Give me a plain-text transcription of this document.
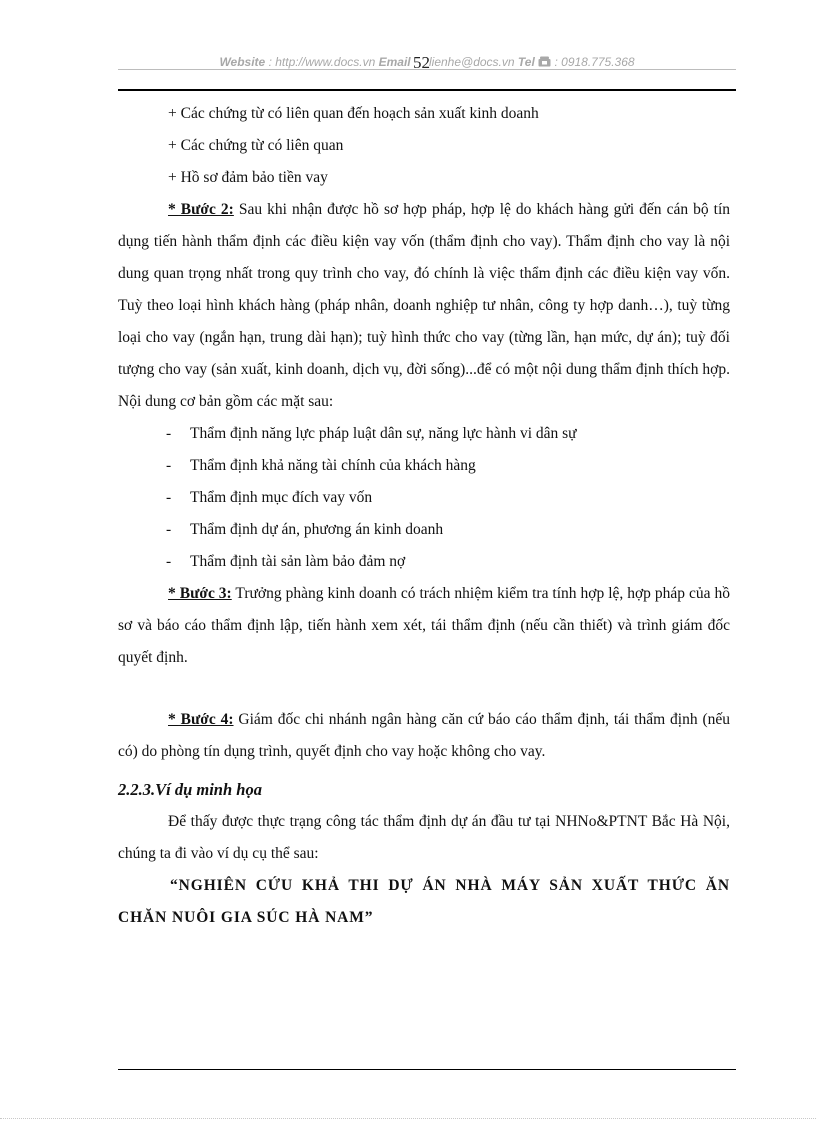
Website : http://www.docs.vn Email 52lienhe@docs.vn Tel  : 0918.775.368

+ Các chứng từ có liên quan đến hoạch sản xuất kinh doanh

+ Các chứng từ có liên quan

+ Hồ sơ đảm bảo tiền vay

* Bước 2: Sau khi nhận được hồ sơ hợp pháp, hợp lệ do khách hàng gửi đến cán bộ tín dụng tiến hành thẩm định các điều kiện vay vốn (thẩm định cho vay). Thẩm định cho vay là nội dung quan trọng nhất trong quy trình cho vay, đó chính là việc thẩm định các điều kiện vay vốn. Tuỳ theo loại hình khách hàng (pháp nhân, doanh nghiệp tư nhân, công ty hợp danh…), tuỳ từng loại cho vay (ngắn hạn, trung dài hạn); tuỳ hình thức cho vay (từng lần, hạn mức, dự án); tuỳ đối tượng cho vay (sản xuất, kinh doanh, dịch vụ, đời sống)...để có một nội dung thẩm định thích hợp. Nội dung cơ bản gồm các mặt sau:

-	Thẩm định năng lực pháp luật dân sự, năng lực hành vi dân sự
-	Thẩm định khả năng tài chính của khách hàng
-	Thẩm định mục đích vay vốn
-	Thẩm định dự án, phương án kinh doanh
-	Thẩm định tài sản làm bảo đảm nợ

* Bước 3: Trưởng phàng kinh doanh có trách nhiệm kiểm tra tính hợp lệ, hợp pháp của hồ sơ và báo cáo thẩm định lập, tiến hành xem xét, tái thẩm định (nếu cần thiết) và trình giám đốc quyết định.

* Bước 4: Giám đốc chi nhánh ngân hàng căn cứ báo cáo thẩm định, tái thẩm định (nếu có) do phòng tín dụng trình, quyết định cho vay hoặc không cho vay.

2.2.3.Ví dụ minh họa

Để thấy được thực trạng công tác thẩm định dự án đầu tư tại NHNo&PTNT Bắc Hà Nội, chúng ta đi vào ví dụ cụ thể sau:

“NGHIÊN CỨU KHẢ THI DỰ ÁN NHÀ MÁY SẢN XUẤT THỨC ĂN CHĂN NUÔI GIA SÚC HÀ NAM”
